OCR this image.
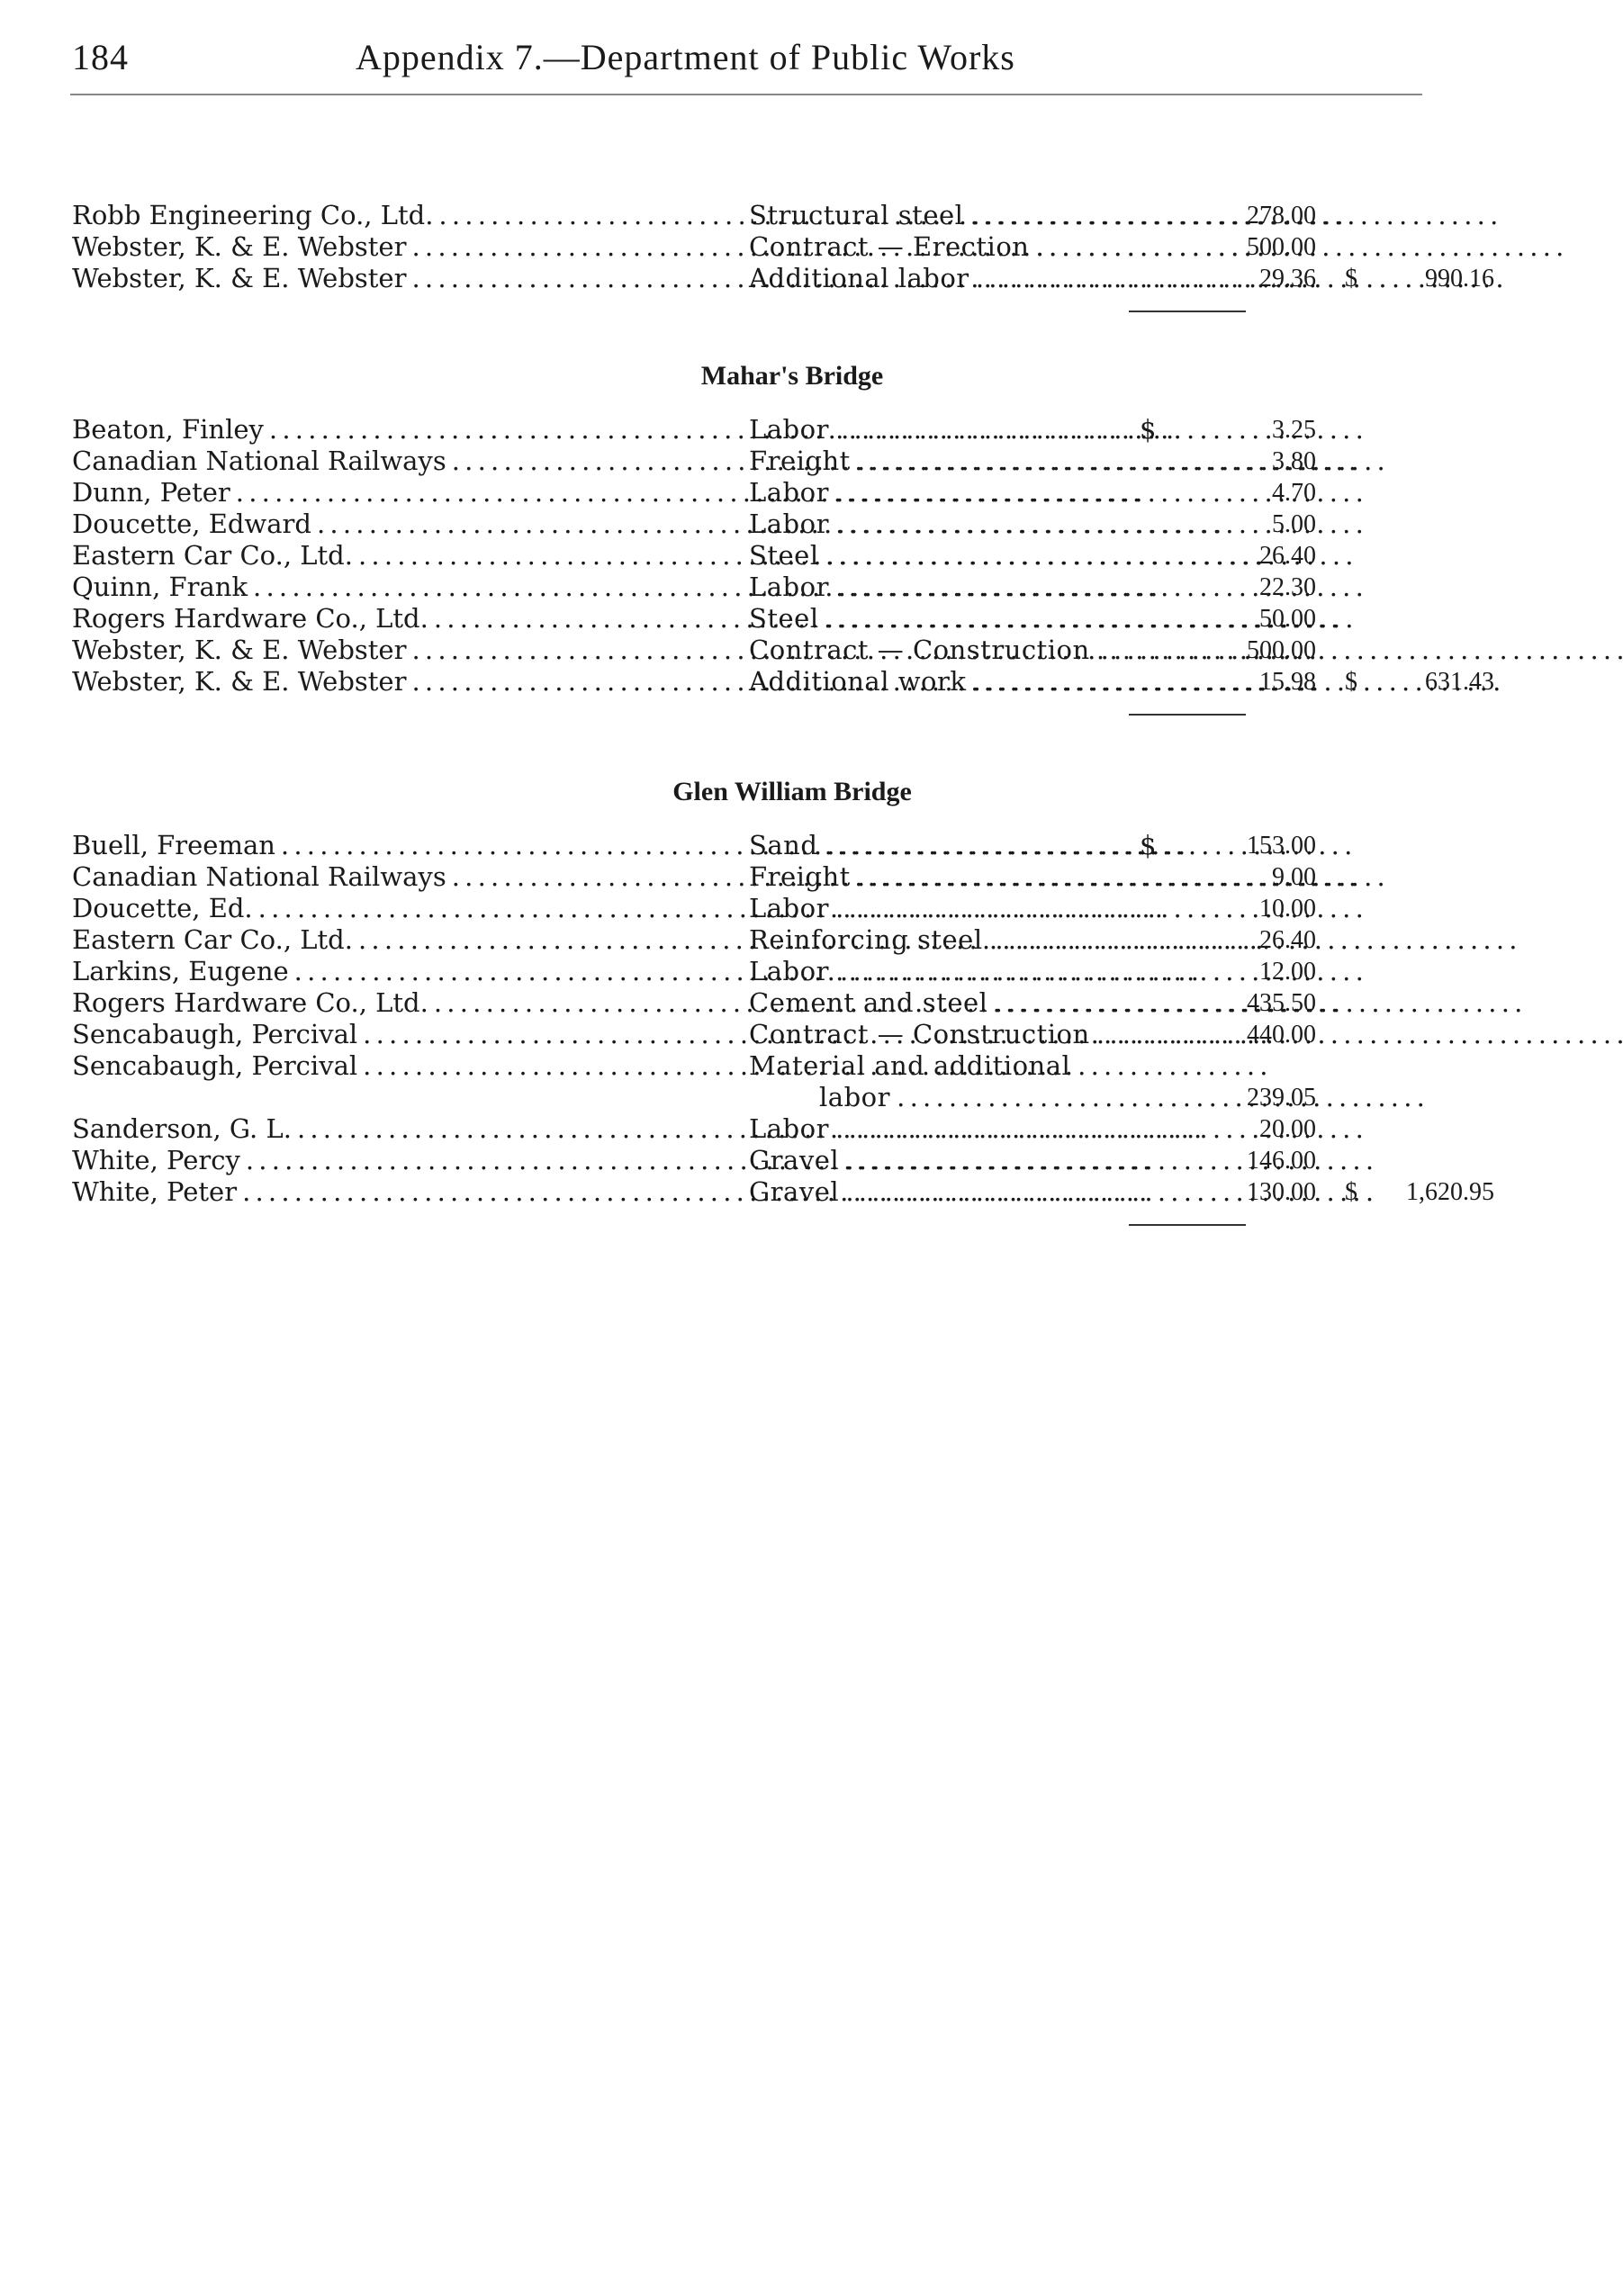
184	Appendix 7.—Department of Public Works
Robb Engineering Co., Ltd. . . .	Structural steel . . .	278.00
Webster, K. & E. Webster . . .	Contract — Erection . . .	500.00
Webster, K. & E. Webster . . .	Additional labor . . .	29.36 $	990.16
Mahar's Bridge
Beaton, Finley . . .	Labor . . .	$	3.25
Canadian National Railways . . .	Freight . . .	3.80
Dunn, Peter . . .	Labor . . .	4.70
Doucette, Edward . . .	Labor . . .	5.00
Eastern Car Co., Ltd. . . .	Steel . . .	26.40
Quinn, Frank . . .	Labor . . .	22.30
Rogers Hardware Co., Ltd. . . .	Steel . . .	50.00
Webster, K. & E. Webster . . .	Contract — Construction . . .	500.00
Webster, K. & E. Webster . . .	Additional work . . .	15.98 $	631.43
Glen William Bridge
Buell, Freeman . . .	Sand . . .	$	153.00
Canadian National Railways . . .	Freight . . .	9.00
Doucette, Ed. . . .	Labor . . .	10.00
Eastern Car Co., Ltd. . . .	Reinforcing steel . . .	26.40
Larkins, Eugene . . .	Labor . . .	12.00
Rogers Hardware Co., Ltd. . . .	Cement and steel . . .	435.50
Sencabaugh, Percival . . .	Contract — Construction . . .	440.00
Sencabaugh, Percival . . .	Material and additional
labor . . .	239.05
Sanderson, G. L. . . .	Labor . . .	20.00
White, Percy . . .	Gravel . . .	146.00
White, Peter . . .	Gravel . . .	130.00 $	1,620.95
